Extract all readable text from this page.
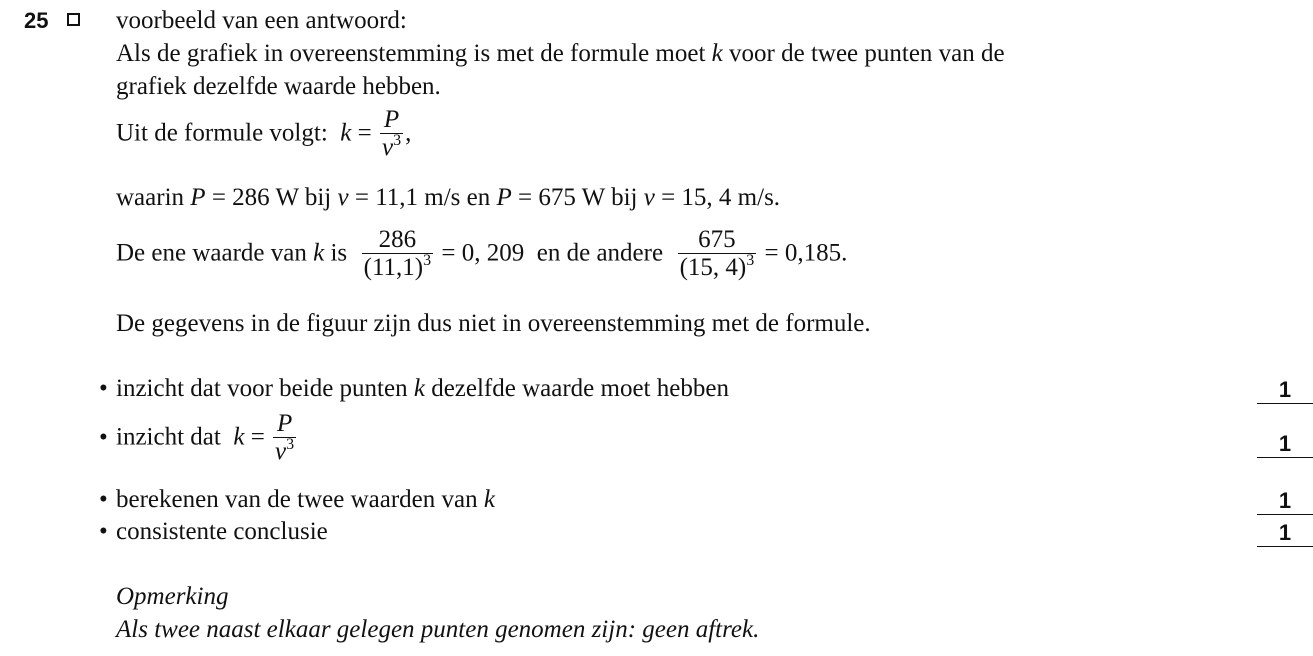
25	voorbeeld van een antwoord:
Als de grafiek in overeenstemming is met de formule moet k voor de twee punten van de
grafiek dezelfde waarde hebben.
Uit de formule volgt: $k = \frac{P}{v^3}$ ,
waarin P = 286 W bij v = 11,1 m/s en P = 675 W bij v = 15, 4 m/s.
De ene waarde van k is $\frac{286}{(11,1)^3} = 0$, 209 en de andere $\frac{675}{(15, 4)^3} = 0,185$.
De gegevens in de figuur zijn dus niet in overeenstemming met de formule.
• inzicht dat voor beide punten k dezelfde waarde moet hebben	1
• inzicht dat $k = \frac{P}{v^3}$	1
• berekenen van de twee waarden van k	1
• consistente conclusie	1
Opmerking
Als twee naast elkaar gelegen punten genomen zijn: geen aftrek.
